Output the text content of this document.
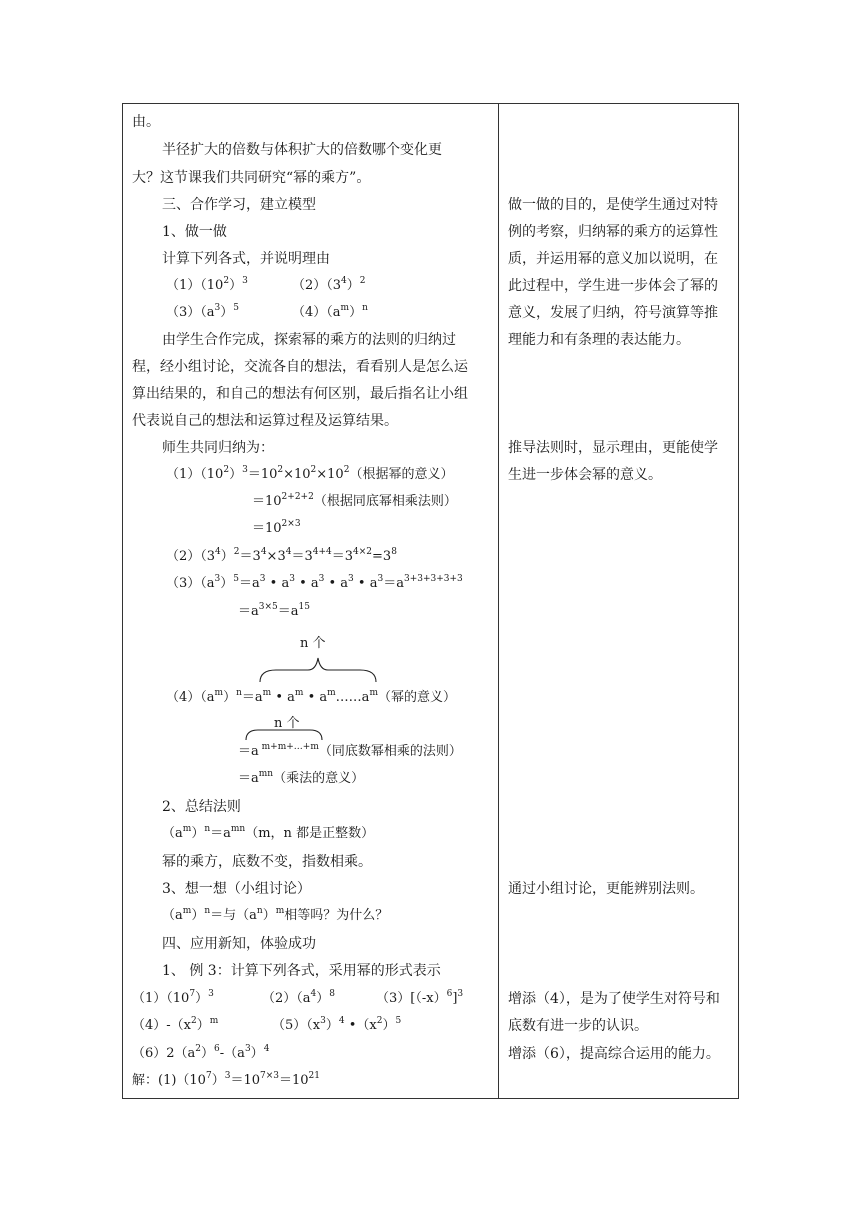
由。
半径扩大的倍数与体积扩大的倍数哪个变化更
大？这节课我们共同研究“幂的乘方”。
三、合作学习，建立模型
1、做一做
计算下列各式，并说明理由
$(1)(10^2)^3$	$(2)(3^4)^2$
$(3)(a^3)^5$	$(4)(a^m)^n$
由学生合作完成，探索幂的乘方的法则的归纳过
程，经小组讨论，交流各自的想法，看看别人是怎么运
算出结果的，和自己的想法有何区别，最后指名让小组
代表说自己的想法和运算过程及运算结果。
师生共同归纳为：
$(1)(10^2)^3=10^2\times 10^2\times 10^2$（根据幂的意义）
$=10^{2+2+2}$（根据同底幂相乘法则）
$=10^{2\times 3}$
$(2)(3^4)^2=3^4\times 3^4=3^{4+4}=3^{4\times 2}=3^8$
$(3)(a^3)^5=a^3$ • $a^3$ • $a^3$ • $a^3$ • $a^3=a^{3+3+3+3+3}$
$=a^{3\times 5}=a^{15}$
n 个
$(4)(a^m)^n=a^m$ • $a^m$ • $a^m\dots\dots a^m$（幂的意义）
n 个
＝a $^{m+m+\dots+m}$（同底数幂相乘的法则）
$=a^{mn}$（乘法的意义）
2、总结法则
$(a^m)^n=a^{mn}(m$，n 都是正整数）
幂的乘方，底数不变，指数相乘。
3、想一想（小组讨论）
$(a^m)^n=$与$(a^n)^m$相等吗？为什么？
四、应用新知，体验成功
1、 例 3：计算下列各式，采用幂的形式表示
$(1)(10^7)^3$	$(2)(a^4)^8$	$(3)[(-x)^6]^3$
$(4)-(x^2)^m$	$(5)(x^3)^4$ $•(x^2)^5$
$(6)2(a^2)^6-(a^3)^4$
解：$(1)(10^7)^3=10^{7\times 3}=10^{21}$
做一做的目的，是使学生通过对特
例的考察，归纳幂的乘方的运算性
质，并运用幂的意义加以说明，在
此过程中，学生进一步体会了幂的
意义，发展了归纳，符号演算等推
理能力和有条理的表达能力。
推导法则时，显示理由，更能使学
生进一步体会幂的意义。
通过小组讨论，更能辨别法则。
增添（4），是为了使学生对符号和
底数有进一步的认识。
增添（6），提高综合运用的能力。
